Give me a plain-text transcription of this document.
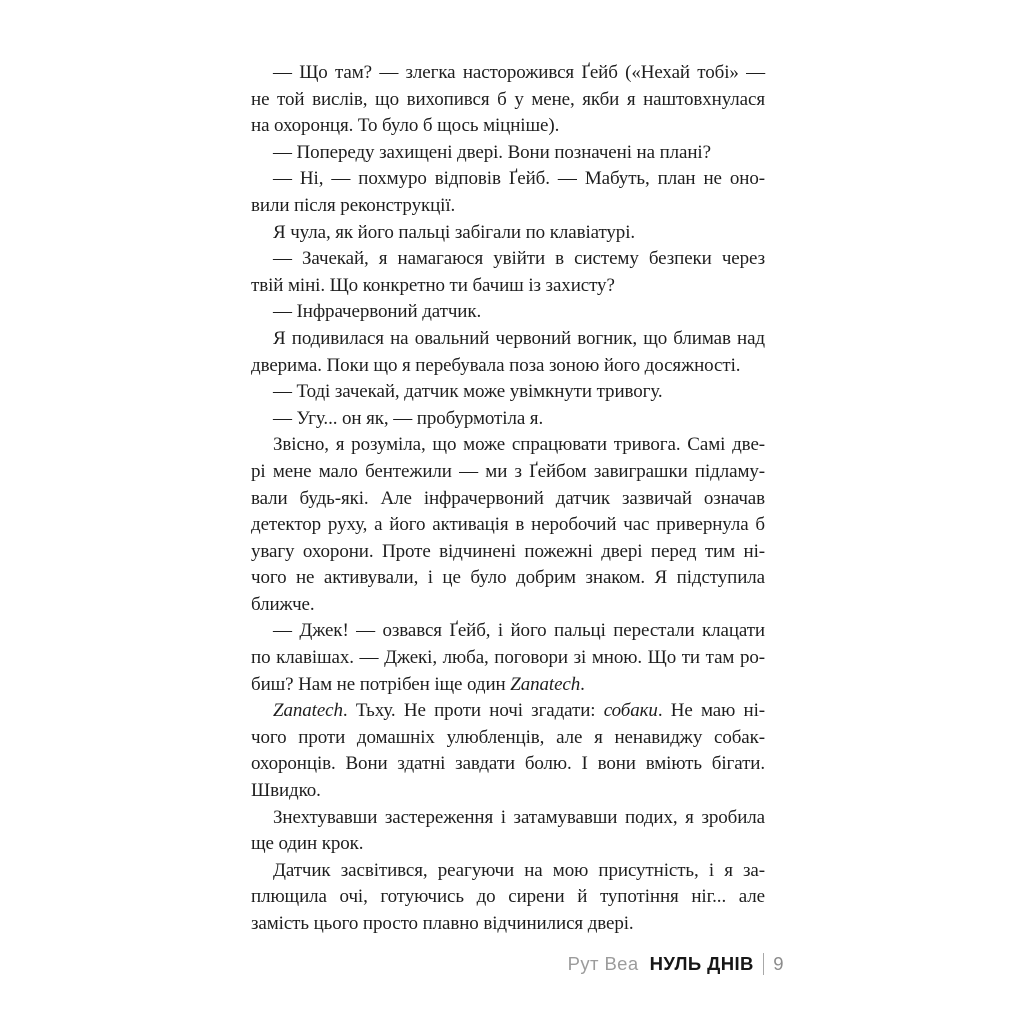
— Що там? — злегка насторожився Ґейб («Нехай тобі» —
не той вислів, що вихопився б у мене, якби я наштовхнулася
на охоронця. То було б щось міцніше).
— Попереду захищені двері. Вони позначені на плані?
— Ні, — похмуро відповів Ґейб. — Мабуть, план не оно-
вили після реконструкції.
Я чула, як його пальці забігали по клавіатурі.
— Зачекай, я намагаюся увійти в систему безпеки через
твій міні. Що конкретно ти бачиш із захисту?
— Інфрачервоний датчик.
Я подивилася на овальний червоний вогник, що блимав над
дверима. Поки що я перебувала поза зоною його досяжності.
— Тоді зачекай, датчик може увімкнути тривогу.
— Угу... он як, — пробурмотіла я.
Звісно, я розуміла, що може спрацювати тривога. Самі две-
рі мене мало бентежили — ми з Ґейбом завиграшки підламу-
вали будь-які. Але інфрачервоний датчик зазвичай означав
детектор руху, а його активація в неробочий час привернула б
увагу охорони. Проте відчинені пожежні двері перед тим ні-
чого не активували, і це було добрим знаком. Я підступила
ближче.
— Джек! — озвався Ґейб, і його пальці перестали клацати
по клавішах. — Джекі, люба, поговори зі мною. Що ти там ро-
биш? Нам не потрібен іще один Zanatech.
Zanatech. Тьху. Не проти ночі згадати: собаки. Не маю ні-
чого проти домашніх улюбленців, але я ненавиджу собак-
охоронців. Вони здатні завдати болю. І вони вміють бігати.
Швидко.
Знехтувавши застереження і затамувавши подих, я зробила
ще один крок.
Датчик засвітився, реагуючи на мою присутність, і я за-
плющила очі, готуючись до сирени й тупотіння ніг... але
замість цього просто плавно відчинилися двері.
Рут Веа НУЛЬ ДНІВ 9
